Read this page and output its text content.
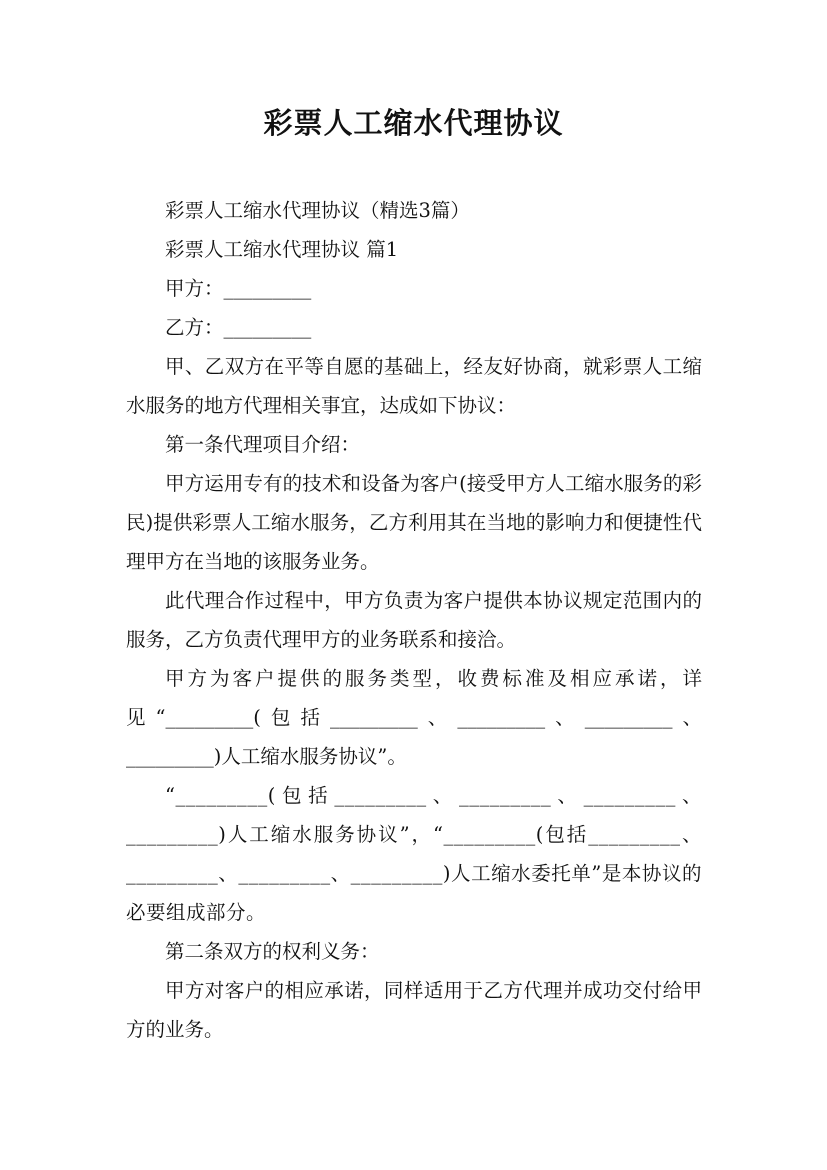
彩票人工缩水代理协议

彩票人工缩水代理协议（精选3篇）

彩票人工缩水代理协议 篇1

甲方：_________

乙方：_________

甲、乙双方在平等自愿的基础上，经友好协商，就彩票人工缩水服务的地方代理相关事宜，达成如下协议：

第一条代理项目介绍：

甲方运用专有的技术和设备为客户(接受甲方人工缩水服务的彩民)提供彩票人工缩水服务，乙方利用其在当地的影响力和便捷性代理甲方在当地的该服务业务。

此代理合作过程中，甲方负责为客户提供本协议规定范围内的服务，乙方负责代理甲方的业务联系和接洽。

甲方为客户提供的服务类型，收费标准及相应承诺，详见“_________(包括_________、_________、_________、_________)人工缩水服务协议”。

“_________(包括_________、_________、_________、_________)人工缩水服务协议”，“_________(包括_________、_________、_________、_________)人工缩水委托单”是本协议的必要组成部分。

第二条双方的权利义务：

甲方对客户的相应承诺，同样适用于乙方代理并成功交付给甲方的业务。
